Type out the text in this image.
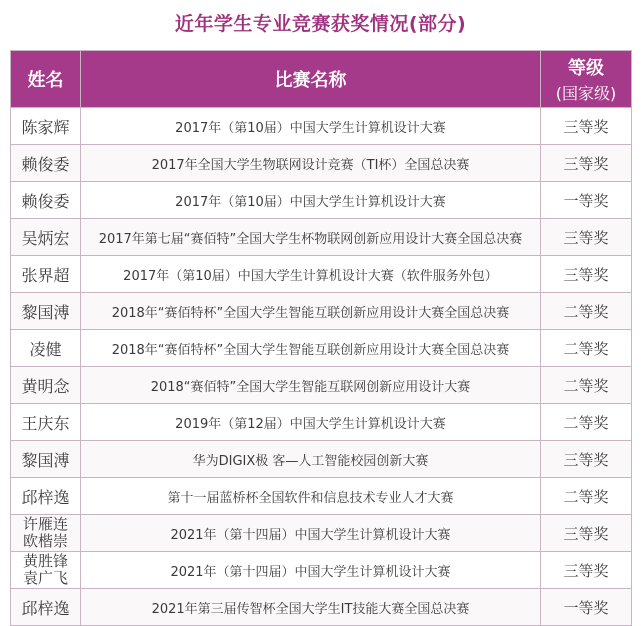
近年学生专业竞赛获奖情况(部分)
姓名	比赛名称	等级
(国家级)

陈家辉	2017年（第10届）中国大学生计算机设计大赛	三等奖

赖俊委	2017年全国大学生物联网设计竞赛（TI杯）全国总决赛	三等奖

赖俊委	2017年（第10届）中国大学生计算机设计大赛	一等奖

吴炳宏	2017年第七届“赛佰特”全国大学生杯物联网创新应用设计大赛全国总决赛	三等奖

张界超	2017年（第10届）中国大学生计算机设计大赛（软件服务外包）	三等奖

黎国溥	2018年“赛佰特杯”全国大学生智能互联创新应用设计大赛全国总决赛	二等奖

凌健	2018年“赛佰特杯”全国大学生智能互联创新应用设计大赛全国总决赛	二等奖

黄明念	2018“赛佰特”全国大学生智能互联网创新应用设计大赛	二等奖

王庆东	2019年（第12届）中国大学生计算机设计大赛	二等奖

黎国溥	华为DIGIX极 客—人工智能校园创新大赛	三等奖

邱梓逸	第十一届蓝桥杯全国软件和信息技术专业人才大赛	二等奖

许雁连
欧楷崇	2021年（第十四届）中国大学生计算机设计大赛	三等奖

黄胜锋
袁广飞	2021年（第十四届）中国大学生计算机设计大赛	三等奖

邱梓逸	2021年第三届传智杯全国大学生IT技能大赛全国总决赛	一等奖
